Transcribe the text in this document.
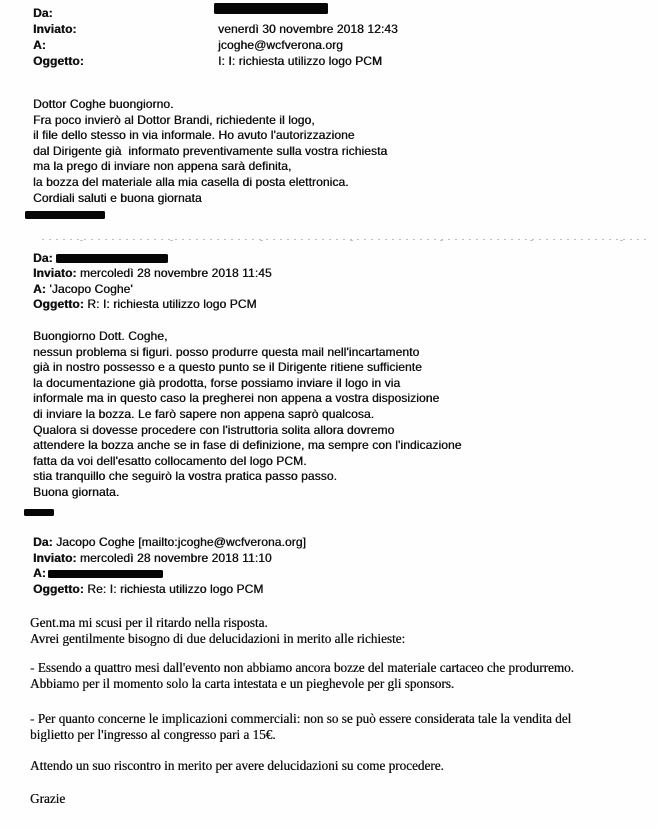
Da:
Inviato:
A:
Oggetto:
venerdì 30 novembre 2018 12:43
jcoghe@wcfverona.org
I: I: richiesta utilizzo logo PCM
Dottor Coghe buongiorno.
Fra poco invierò al Dottor Brandi, richiedente il logo,
il file dello stesso in via informale. Ho avuto l'autorizzazione
dal Dirigente già  informato preventivamente sulla vostra richiesta
ma la prego di inviare non appena sarà definita,
la bozza del materiale alla mia casella di posta elettronica.
Cordiali saluti e buona giornata
Da:
Inviato: mercoledì 28 novembre 2018 11:45
A: 'Jacopo Coghe'
Oggetto: R: I: richiesta utilizzo logo PCM
Buongiorno Dott. Coghe,
nessun problema si figuri. posso produrre questa mail nell'incartamento
già in nostro possesso e a questo punto se il Dirigente ritiene sufficiente
la documentazione già prodotta, forse possiamo inviare il logo in via
informale ma in questo caso la pregherei non appena a vostra disposizione
di inviare la bozza. Le farò sapere non appena saprò qualcosa.
Qualora si dovesse procedere con l'istruttoria solita allora dovremo
attendere la bozza anche se in fase di definizione, ma sempre con l'indicazione
fatta da voi dell'esatto collocamento del logo PCM.
stia tranquillo che seguirò la vostra pratica passo passo.
Buona giornata.
Da: Jacopo Coghe [mailto:jcoghe@wcfverona.org]
Inviato: mercoledì 28 novembre 2018 11:10
A:
Oggetto: Re: I: richiesta utilizzo logo PCM
Gent.ma mi scusi per il ritardo nella risposta.
Avrei gentilmente bisogno di due delucidazioni in merito alle richieste:
- Essendo a quattro mesi dall'evento non abbiamo ancora bozze del materiale cartaceo che produrremo.
Abbiamo per il momento solo la carta intestata e un pieghevole per gli sponsors.
- Per quanto concerne le implicazioni commerciali: non so se può essere considerata tale la vendita del
biglietto per l'ingresso al congresso pari a 15€.
Attendo un suo riscontro in merito per avere delucidazioni su come procedere.
Grazie
